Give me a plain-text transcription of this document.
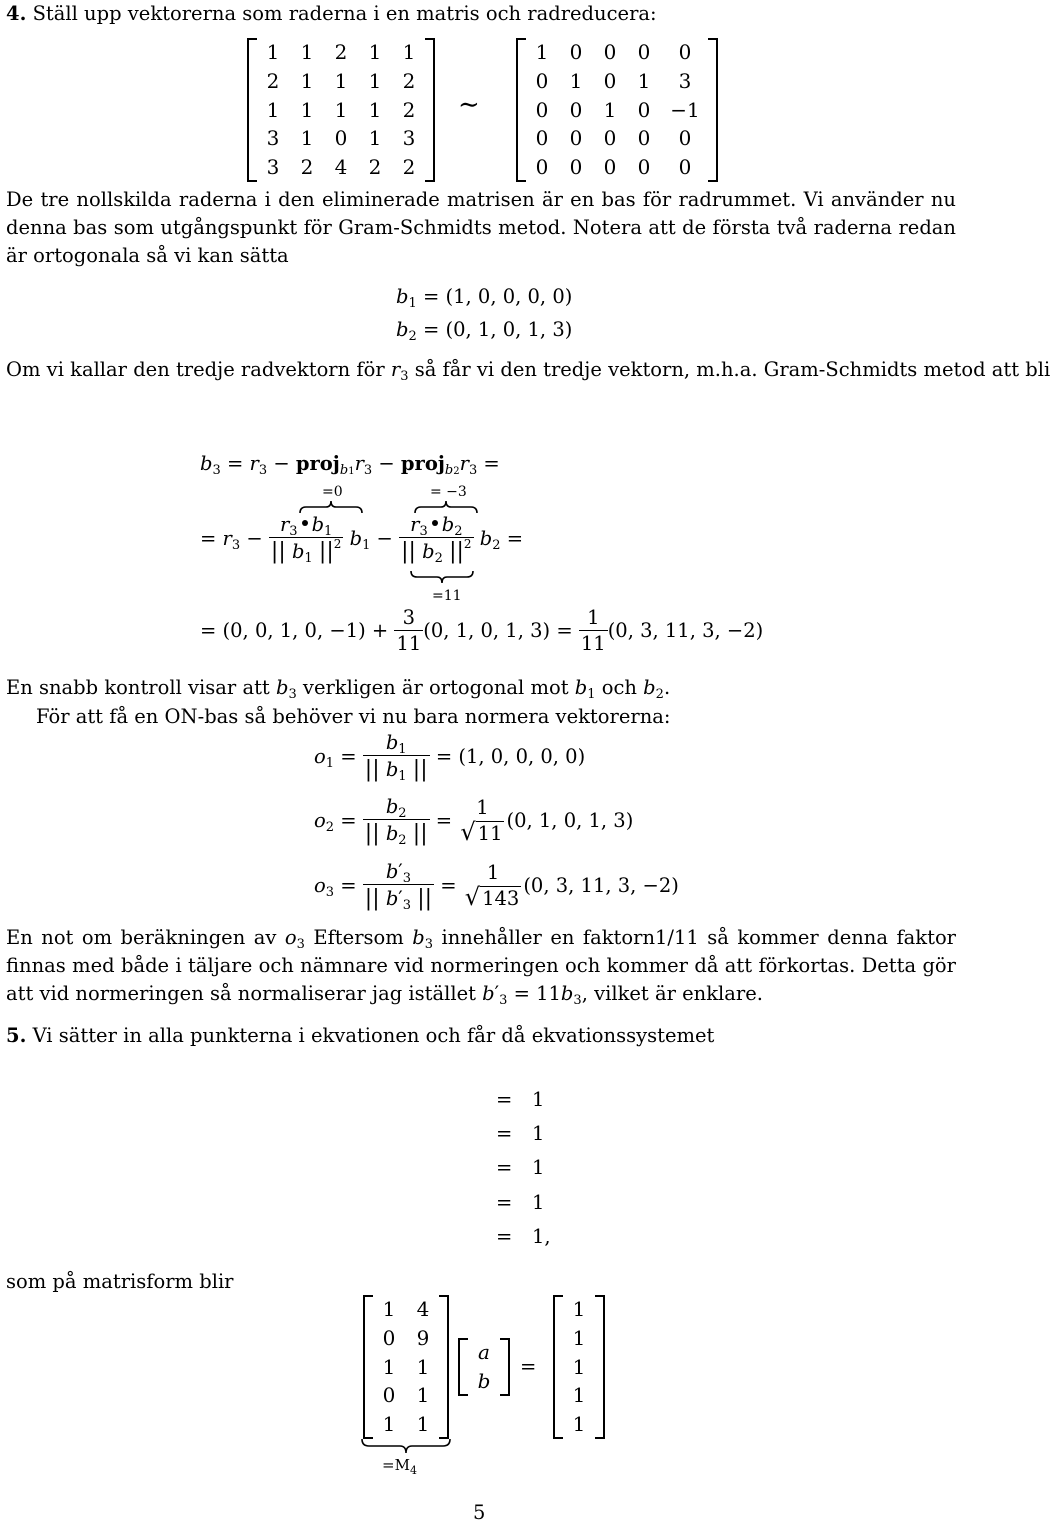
4. Ställ upp vektorerna som raderna i en matris och radreducera:
1 1 2 1 1
2 1 1 1 2
1 1 1 1 2
3 1 0 1 3
3 2 4 2 2
∼
1 0 0 0 0
0 1 0 1 3
0 0 1 0 −1
0 0 0 0 0
0 0 0 0 0
De tre nollskilda raderna i den eliminerade matrisen är en bas för radrummet. Vi använder nu denna bas som utgångspunkt för Gram-Schmidts metod. Notera att de första två raderna redan är ortogonala så vi kan sätta
$b_1 = (1$, 0, 0, 0, 0)
$b_2 = (0$, 1, 0, 1, 3)
Om vi kallar den tredje radvektorn för $r_3$ så får vi den tredje vektorn, m.h.a. Gram-Schmidts metod att bli
$b_3 = r_3$ − $proj_{b1}r_3$ − $proj_{b2}r_3$ =
=0	= −3
= $r_3 - \frac{r_3 b_1}{|| b_1 ||^2} b_1 - \frac{r_3 b_2}{|| b_2 ||^2} b_2$ =
=11
= (0, 0, 1, 0, −1) +
$\frac{3}{11} (0$, 1, 0, 1, 3) =
$\frac{1}{11} (0$, 3, 11, 3, −2)
En snabb kontroll visar att $b_3$ verkligen är ortogonal mot $b_1$ och $b_2$.
För att få en ON-bas så behöver vi nu bara normera vektorerna:
$o_1 = \frac{b_1}{|| b_1 ||} = (1$, 0, 0, 0, 0)
$o_2 = \frac{b_2}{|| b_2 ||}$ =
1
√ 11
(0, 1, 0, 1, 3)
$o_3 = \frac{b'_3}{|| b'_3 ||}$ =
1
√ 143
(0, 3, 11, 3, −2)
En not om beräkningen av $o_3$ Eftersom $b_3$ innehåller en faktorn1/11 så kommer denna faktor finnas med både i täljare och nämnare vid normeringen och kommer då att förkortas. Detta gör att vid normeringen så normaliserar jag istället $b'_3 = 11b_3$, vilket är enklare.
5. Vi sätter in alla punkterna i ekvationen och får då ekvationssystemet
= 1
= 1
= 1
= 1
= 1,
som på matrisform blir
1 4
0 9
1 1
0 1
1 1
$=M_4$
a
b
=
1
1
1
1
1
5
